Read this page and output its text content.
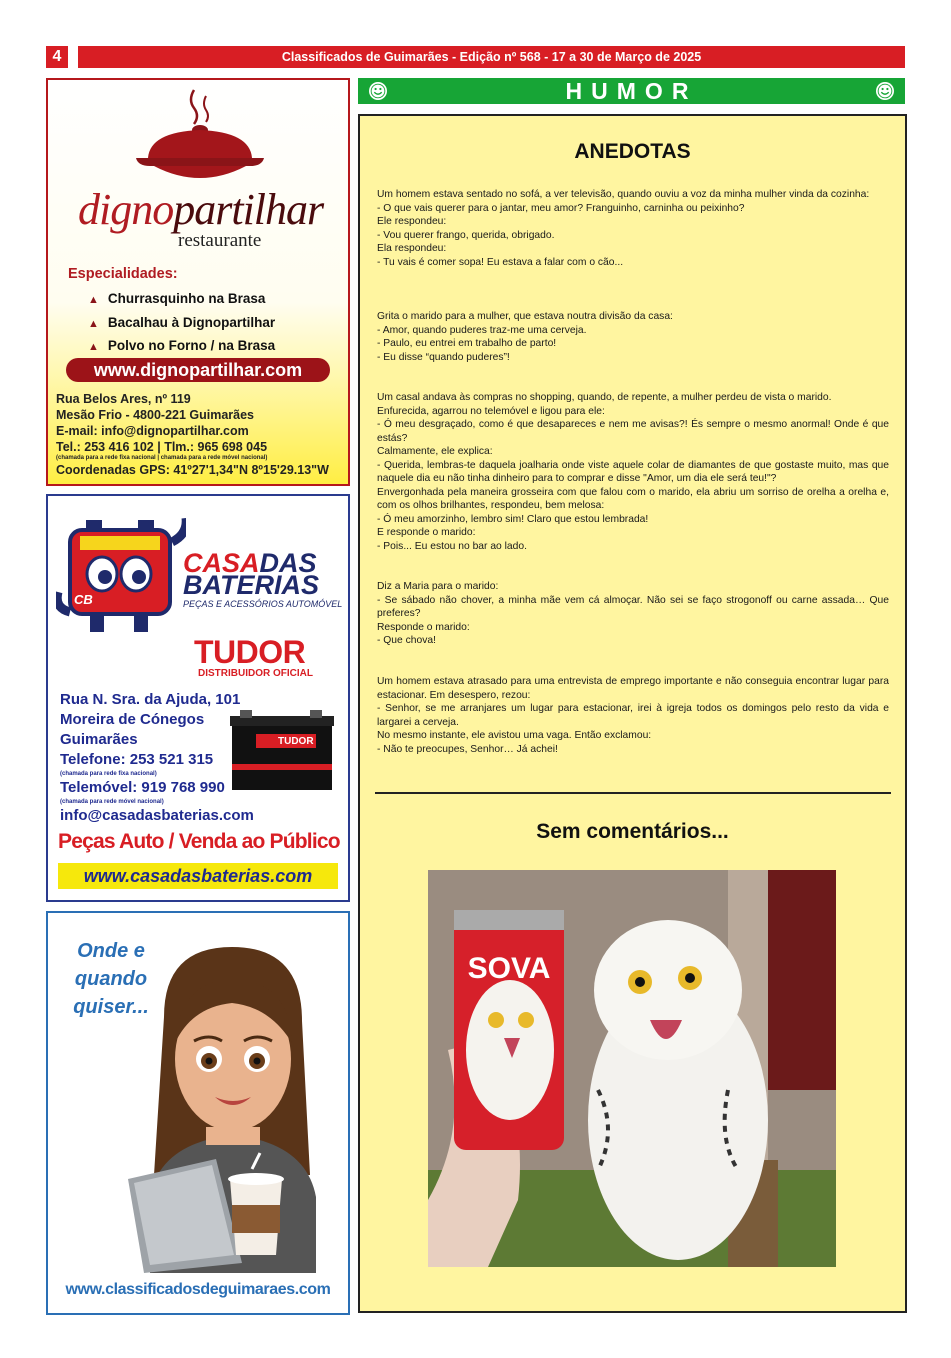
4	Classificados de Guimarães - Edição nº 568 - 17 a 30 de Março de 2025
HUMOR
dignopartilhar
restaurante
Especialidades:
▲ Churrasquinho na Brasa
▲ Bacalhau à Dignopartilhar
▲ Polvo no Forno / na Brasa
www.dignopartilhar.com
Rua Belos Ares, nº 119
Mesão Frio - 4800-221 Guimarães
E-mail: info@dignopartilhar.com
Tel.: 253 416 102 | Tlm.: 965 698 045
(chamada para a rede fixa nacional | chamada para a rede móvel nacional)
Coordenadas GPS: 41º27'1,34"N 8º15'29.13"W
CB
CASADAS
BATERIAS
PEÇAS E ACESSÓRIOS AUTOMÓVEL
TUDOR
DISTRIBUIDOR OFICIAL
Rua N. Sra. da Ajuda, 101
Moreira de Cónegos
Guimarães
Telefone: 253 521 315
(chamada para rede fixa nacional)
Telemóvel: 919 768 990
(chamada para rede móvel nacional)
info@casadasbaterias.com
TUDOR
Peças Auto / Venda ao Público
www.casadasbaterias.com
Onde e
quando
quiser...
www.classificadosdeguimaraes.com
ANEDOTAS

Um homem estava sentado no sofá, a ver televisão, quando ouviu a voz da minha mulher vinda da cozinha:

- O que vais querer para o jantar, meu amor? Franguinho, carninha ou peixinho?

Ele respondeu:

- Vou querer frango, querida, obrigado.

Ela respondeu:

- Tu vais é comer sopa! Eu estava a falar com o cão...

Grita o marido para a mulher, que estava noutra divisão da casa:

- Amor, quando puderes traz-me uma cerveja.

- Paulo, eu entrei em trabalho de parto!

- Eu disse “quando puderes”!

Um casal andava às compras no shopping, quando, de repente, a mulher perdeu de vista o marido.

Enfurecida, agarrou no telemóvel e ligou para ele:

- Ó meu desgraçado, como é que desapareces e nem me avisas?! És sempre o mesmo anormal! Onde é que estás?

Calmamente, ele explica:

- Querida, lembras-te daquela joalharia onde viste aquele colar de diamantes de que gostaste muito, mas que naquele dia eu não tinha dinheiro para to comprar e disse "Amor, um dia ele será teu!"?

Envergonhada pela maneira grosseira com que falou com o marido, ela abriu um sorriso de orelha a orelha e, com os olhos brilhantes, respondeu, bem melosa:

- Ó meu amorzinho, lembro sim! Claro que estou lembrada!

E responde o marido:

- Pois... Eu estou no bar ao lado.

Diz a Maria para o marido:

- Se sábado não chover, a minha mãe vem cá almoçar. Não sei se faço strogonoff ou carne assada… Que preferes?

Responde o marido:

- Que chova!

Um homem estava atrasado para uma entrevista de emprego importante e não conseguia encontrar lugar para estacionar. Em desespero, rezou:

- Senhor, se me arranjares um lugar para estacionar, irei à igreja todos os domingos pelo resto da vida e largarei a cerveja.

No mesmo instante, ele avistou uma vaga. Então exclamou:

- Não te preocupes, Senhor… Já achei!

Sem comentários...
SOVA
